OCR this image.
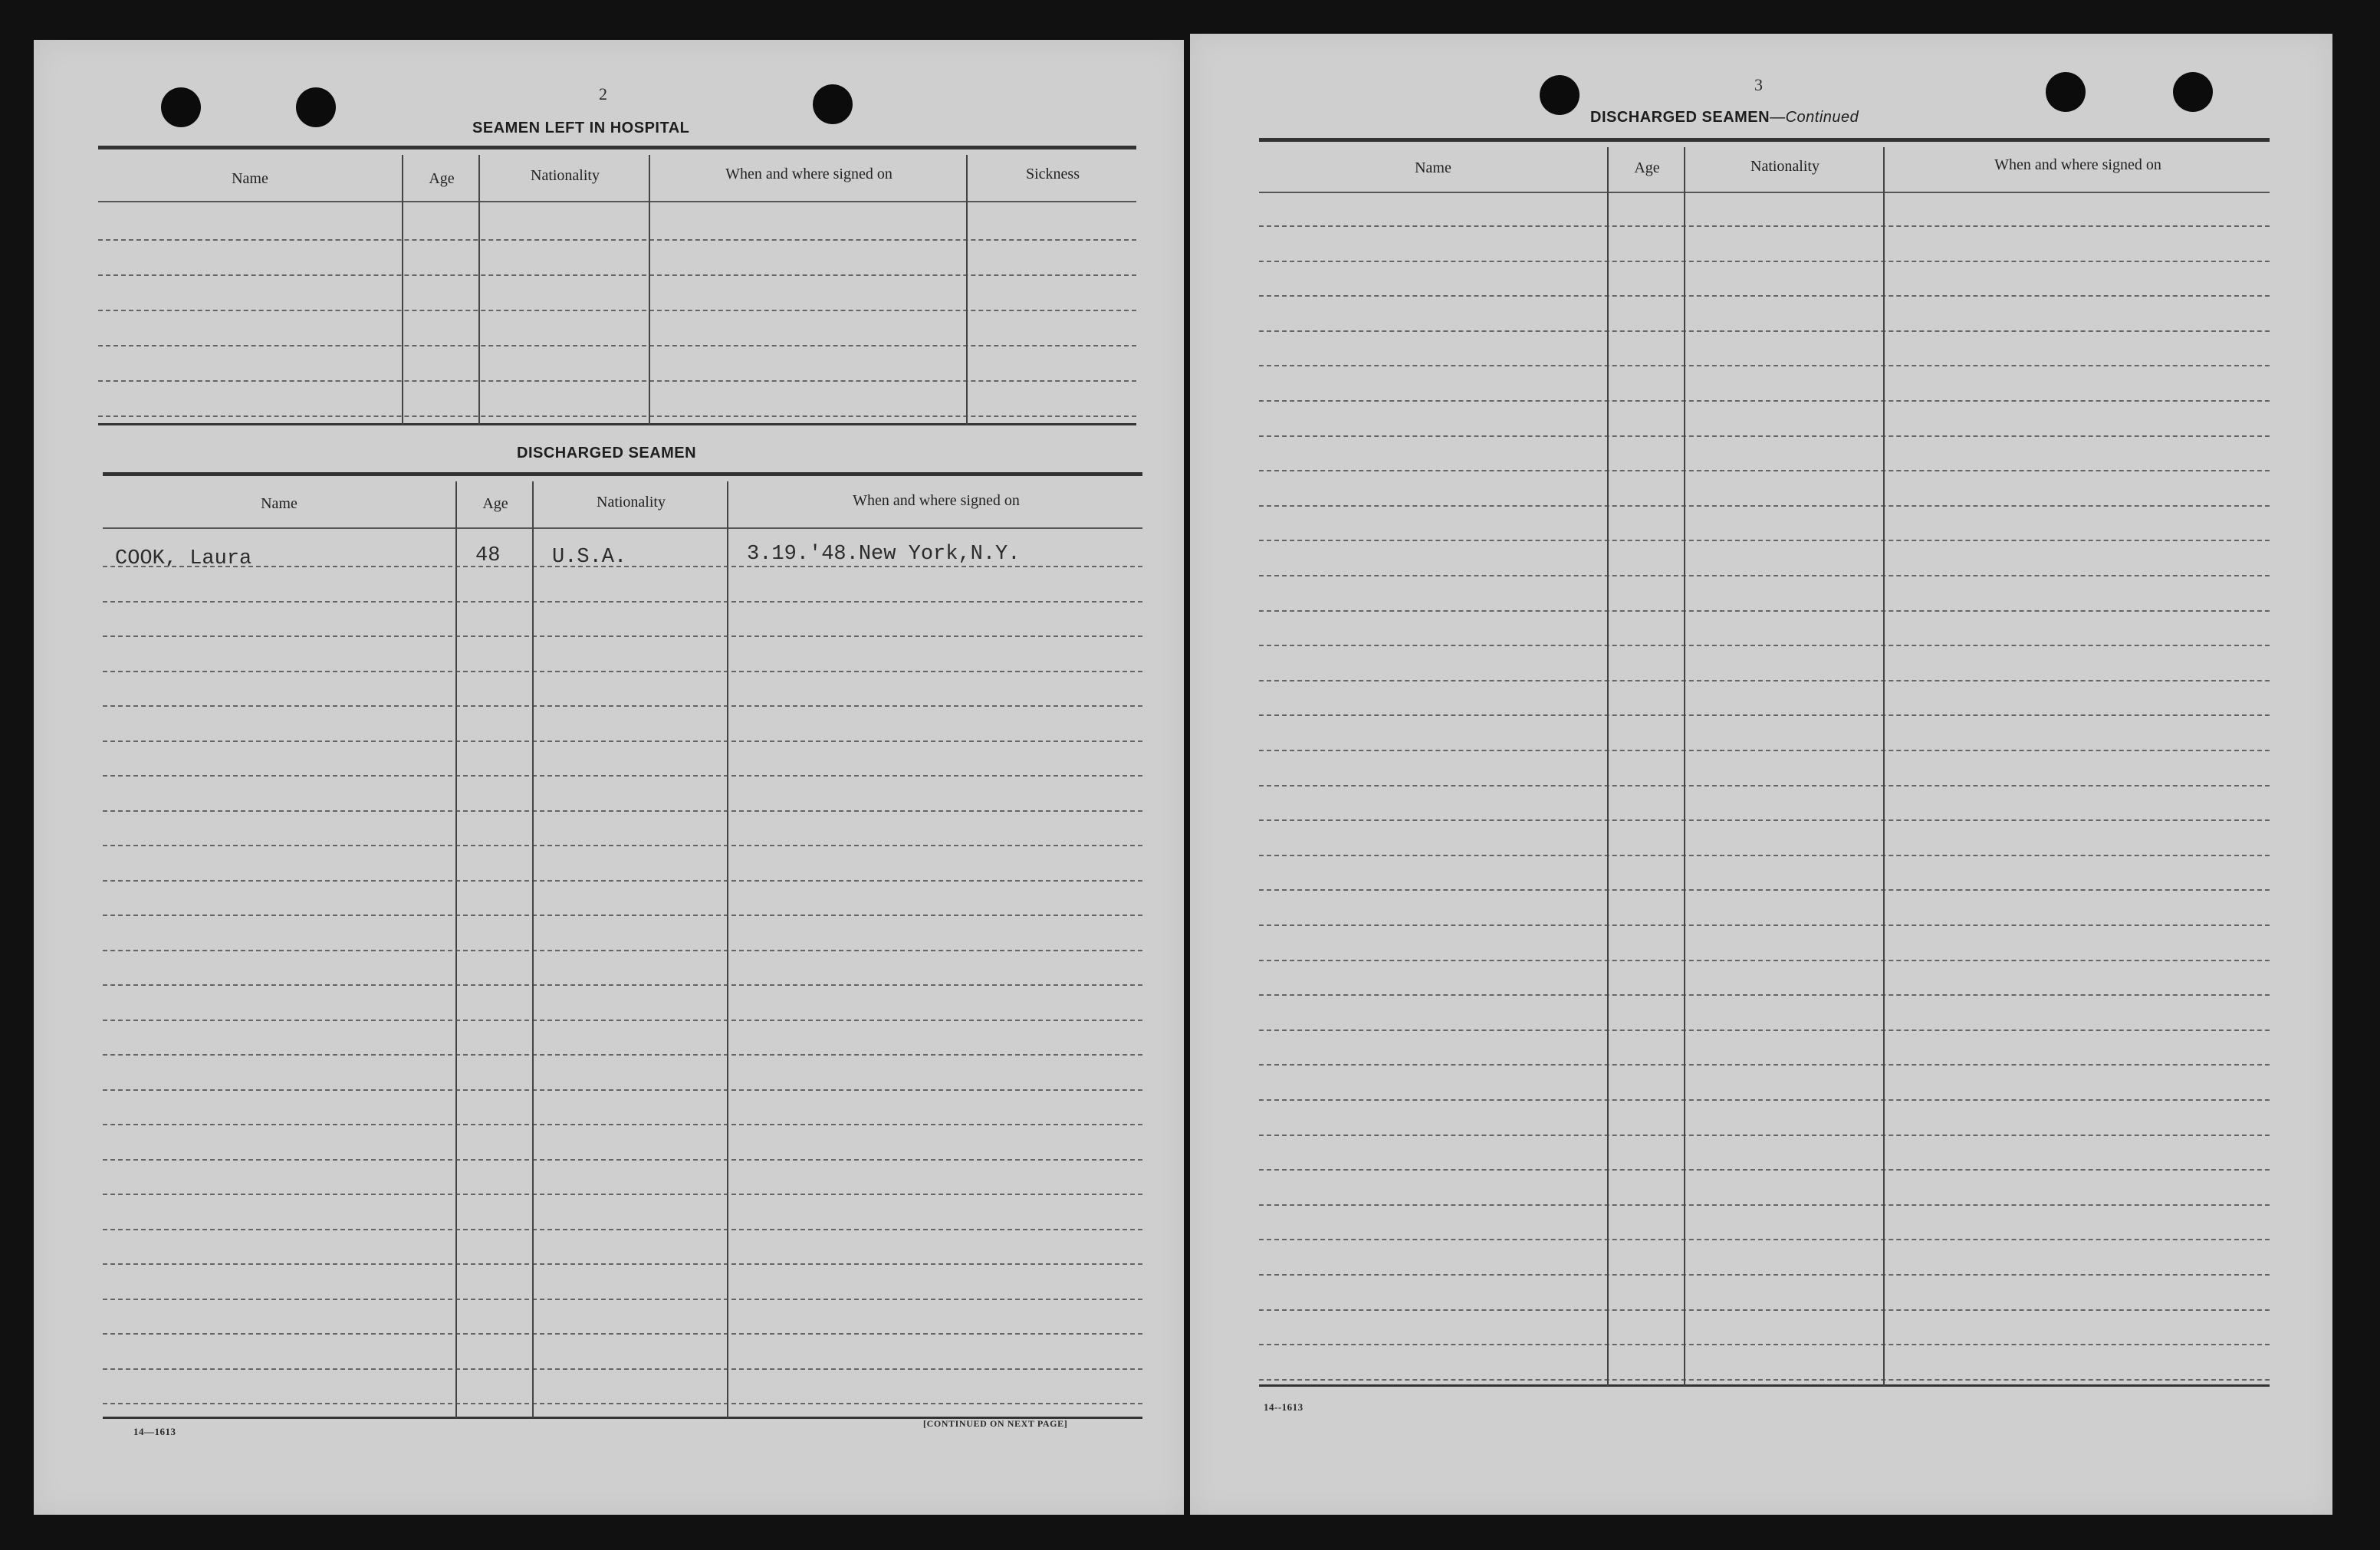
2
SEAMEN LEFT IN HOSPITAL
Name	Age	Nationality	When and where signed on	Sickness
DISCHARGED SEAMEN
Name	Age	Nationality	When and where signed on
COOK, Laura	48	U.S.A.	3.19.'48.New York,N.Y.
14—1613
[CONTINUED ON NEXT PAGE]
3
DISCHARGED SEAMEN—Continued
Name	Age	Nationality	When and where signed on
14--1613
